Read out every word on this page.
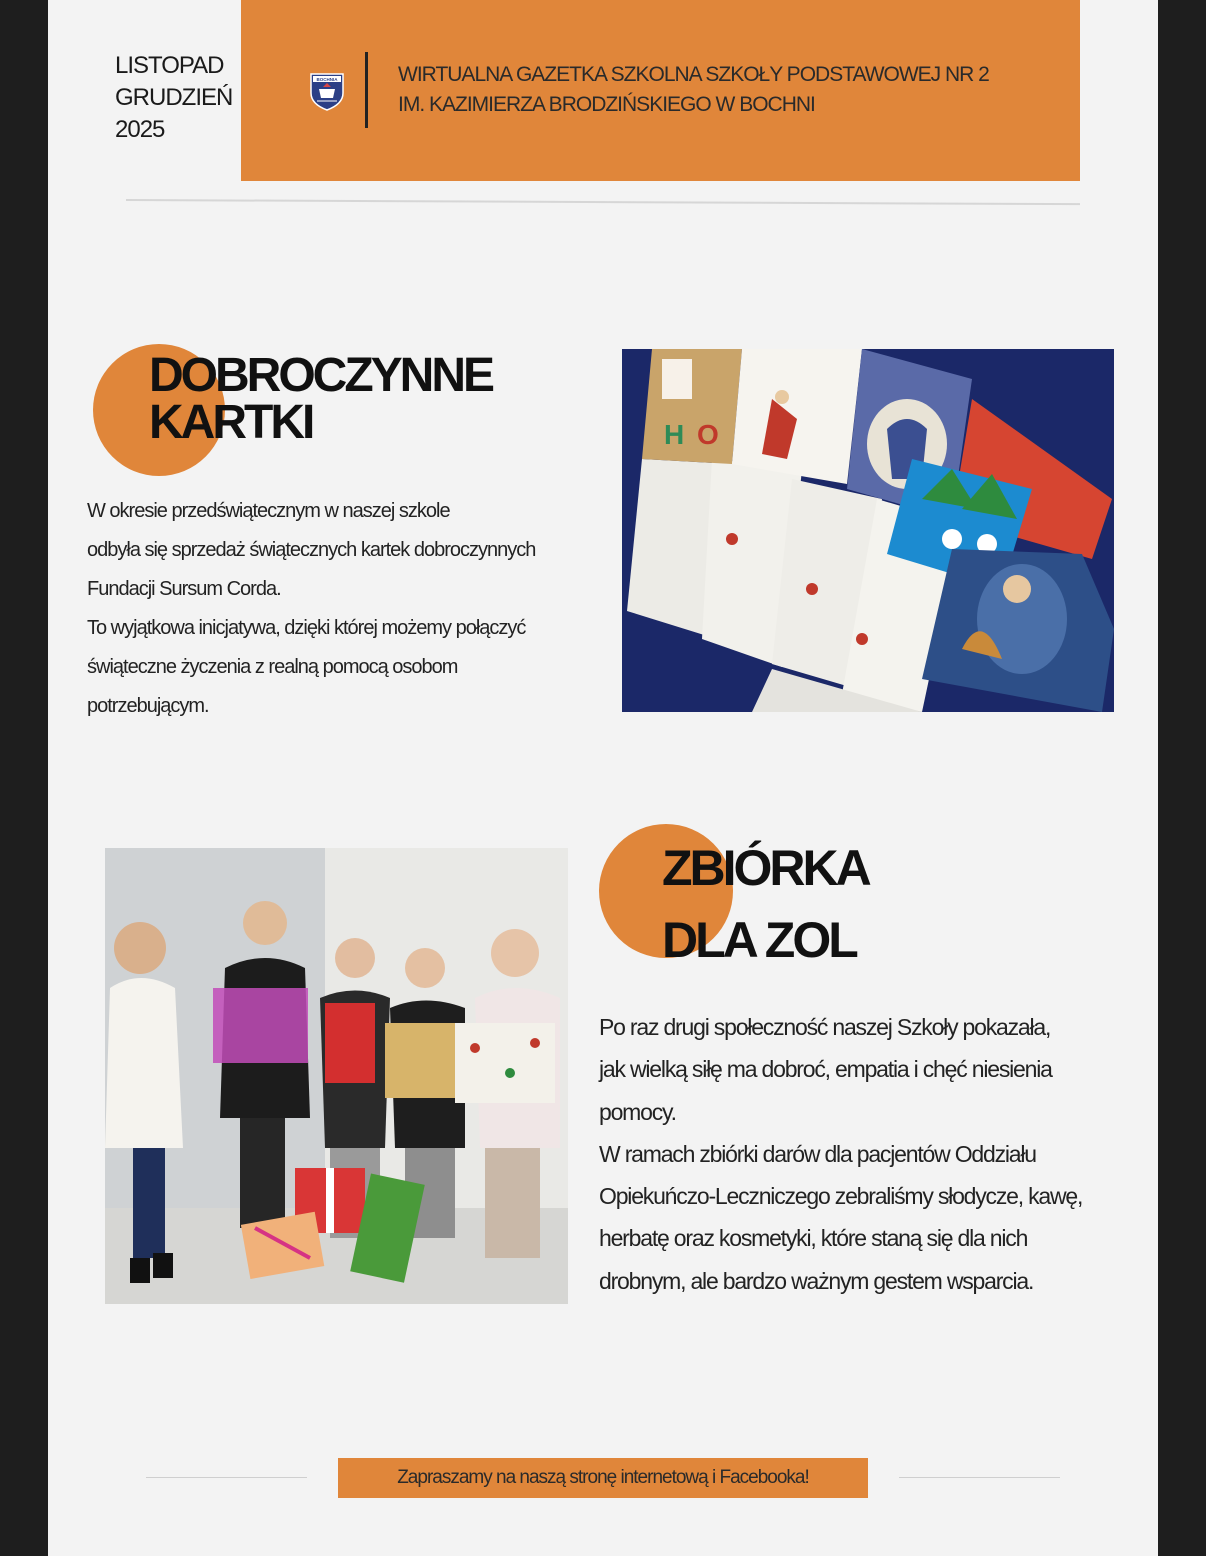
LISTOPAD
GRUDZIEŃ
2025
BOCHNIA	WIRTUALNA GAZETKA SZKOLNA SZKOŁY PODSTAWOWEJ NR 2
IM. KAZIMIERZA BRODZIŃSKIEGO W BOCHNI
DOBROCZYNNE
KARTKI
W okresie przedświątecznym w naszej szkole
odbyła się sprzedaż świątecznych kartek dobroczynnych
Fundacji Sursum Corda.
To wyjątkowa inicjatywa, dzięki której możemy połączyć
świąteczne życzenia z realną pomocą osobom
potrzebującym.
H O
ZBIÓRKA
DLA ZOL
Po raz drugi społeczność naszej Szkoły pokazała,
jak wielką siłę ma dobroć, empatia i chęć niesienia
pomocy.
W ramach zbiórki darów dla pacjentów Oddziału
Opiekuńczo-Leczniczego zebraliśmy słodycze, kawę,
herbatę oraz kosmetyki, które staną się dla nich
drobnym, ale bardzo ważnym gestem wsparcia.
Zapraszamy na naszą stronę internetową i Facebooka!
